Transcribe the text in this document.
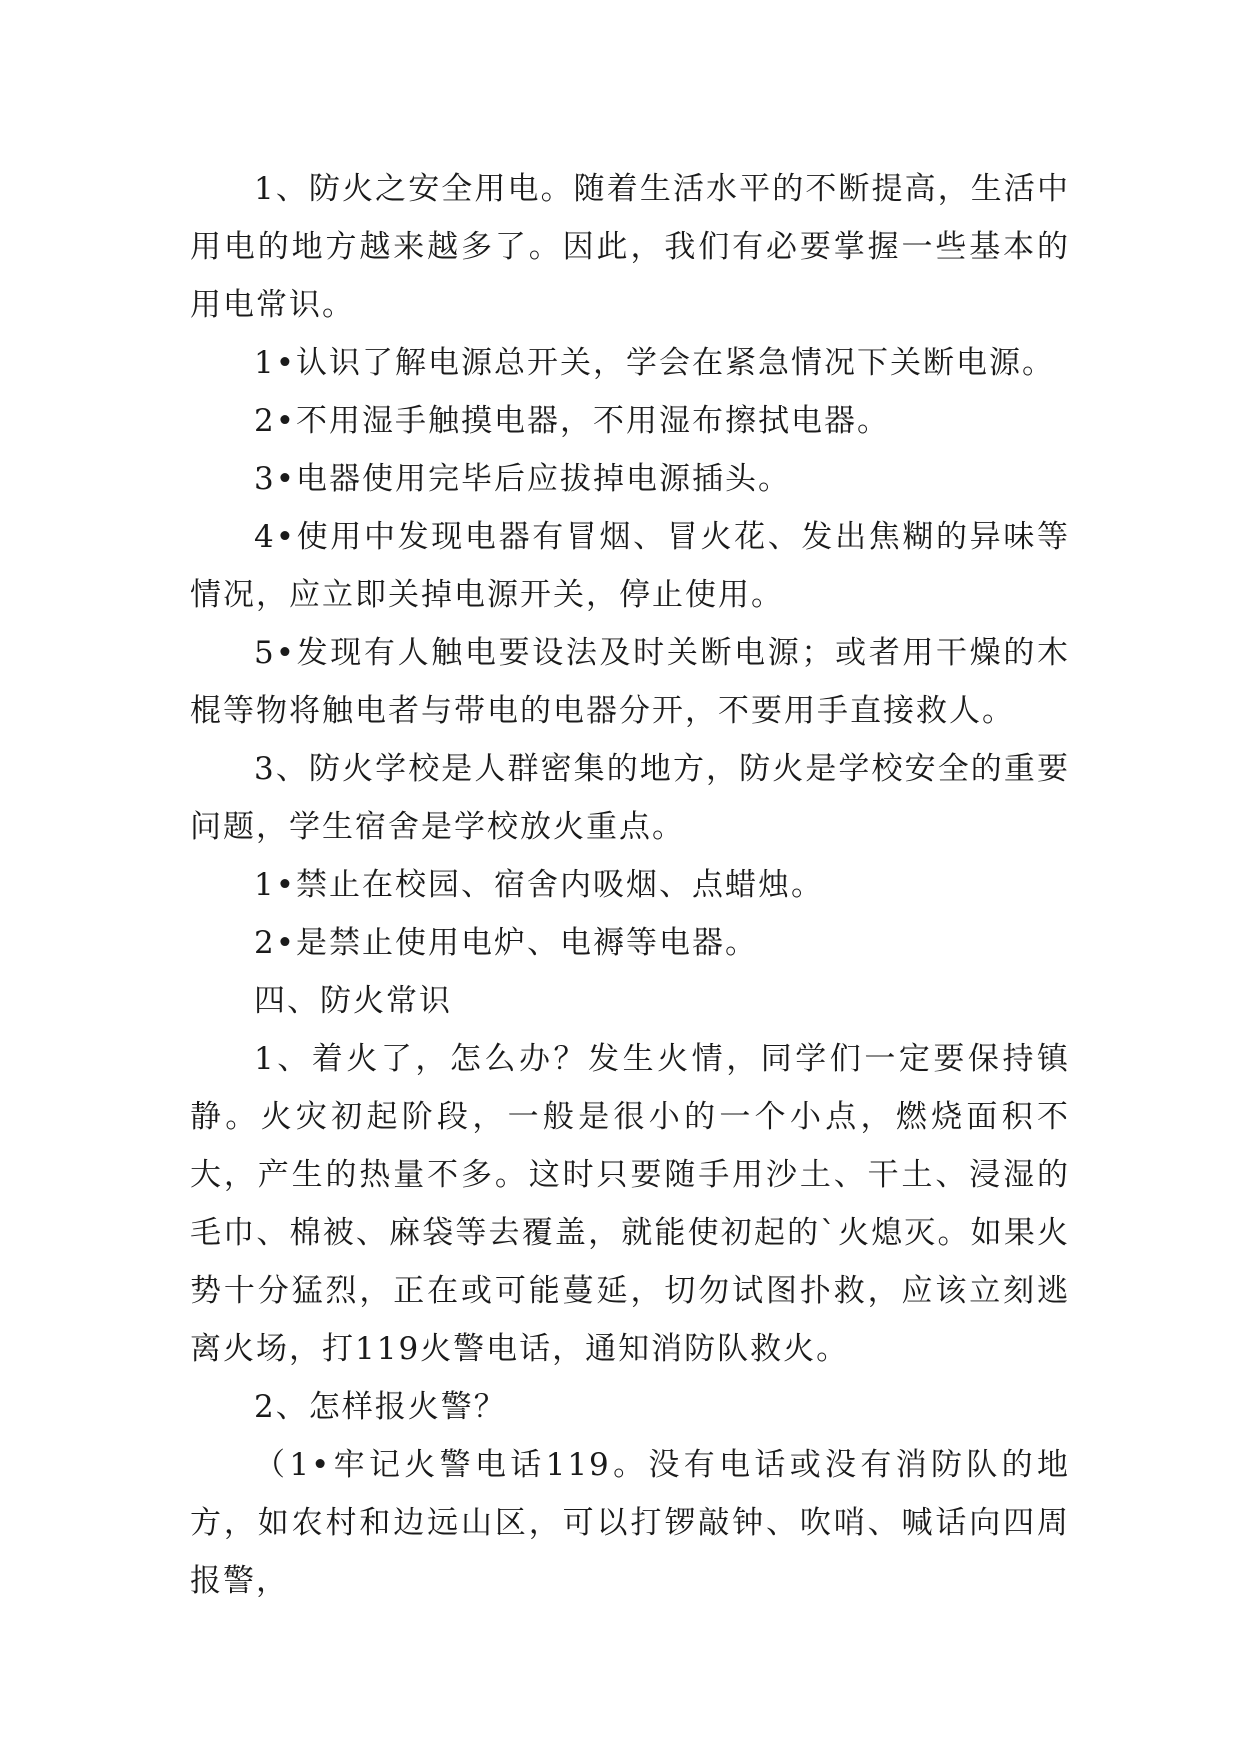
1、防火之安全用电。随着生活水平的不断提高，生活中用电的地方越来越多了。因此，我们有必要掌握一些基本的用电常识。

1•认识了解电源总开关，学会在紧急情况下关断电源。

2•不用湿手触摸电器，不用湿布擦拭电器。

3•电器使用完毕后应拔掉电源插头。

4•使用中发现电器有冒烟、冒火花、发出焦糊的异味等情况，应立即关掉电源开关，停止使用。

5•发现有人触电要设法及时关断电源；或者用干燥的木棍等物将触电者与带电的电器分开，不要用手直接救人。

3、防火学校是人群密集的地方，防火是学校安全的重要问题，学生宿舍是学校放火重点。

1•禁止在校园、宿舍内吸烟、点蜡烛。

2•是禁止使用电炉、电褥等电器。

四、防火常识

1、着火了，怎么办？发生火情，同学们一定要保持镇静。火灾初起阶段，一般是很小的一个小点，燃烧面积不大，产生的热量不多。这时只要随手用沙土、干土、浸湿的毛巾、棉被、麻袋等去覆盖，就能使初起的`火熄灭。如果火势十分猛烈，正在或可能蔓延，切勿试图扑救，应该立刻逃离火场，打119火警电话，通知消防队救火。

2、怎样报火警？

（1•牢记火警电话119。没有电话或没有消防队的地方，如农村和边远山区，可以打锣敲钟、吹哨、喊话向四周报警，
